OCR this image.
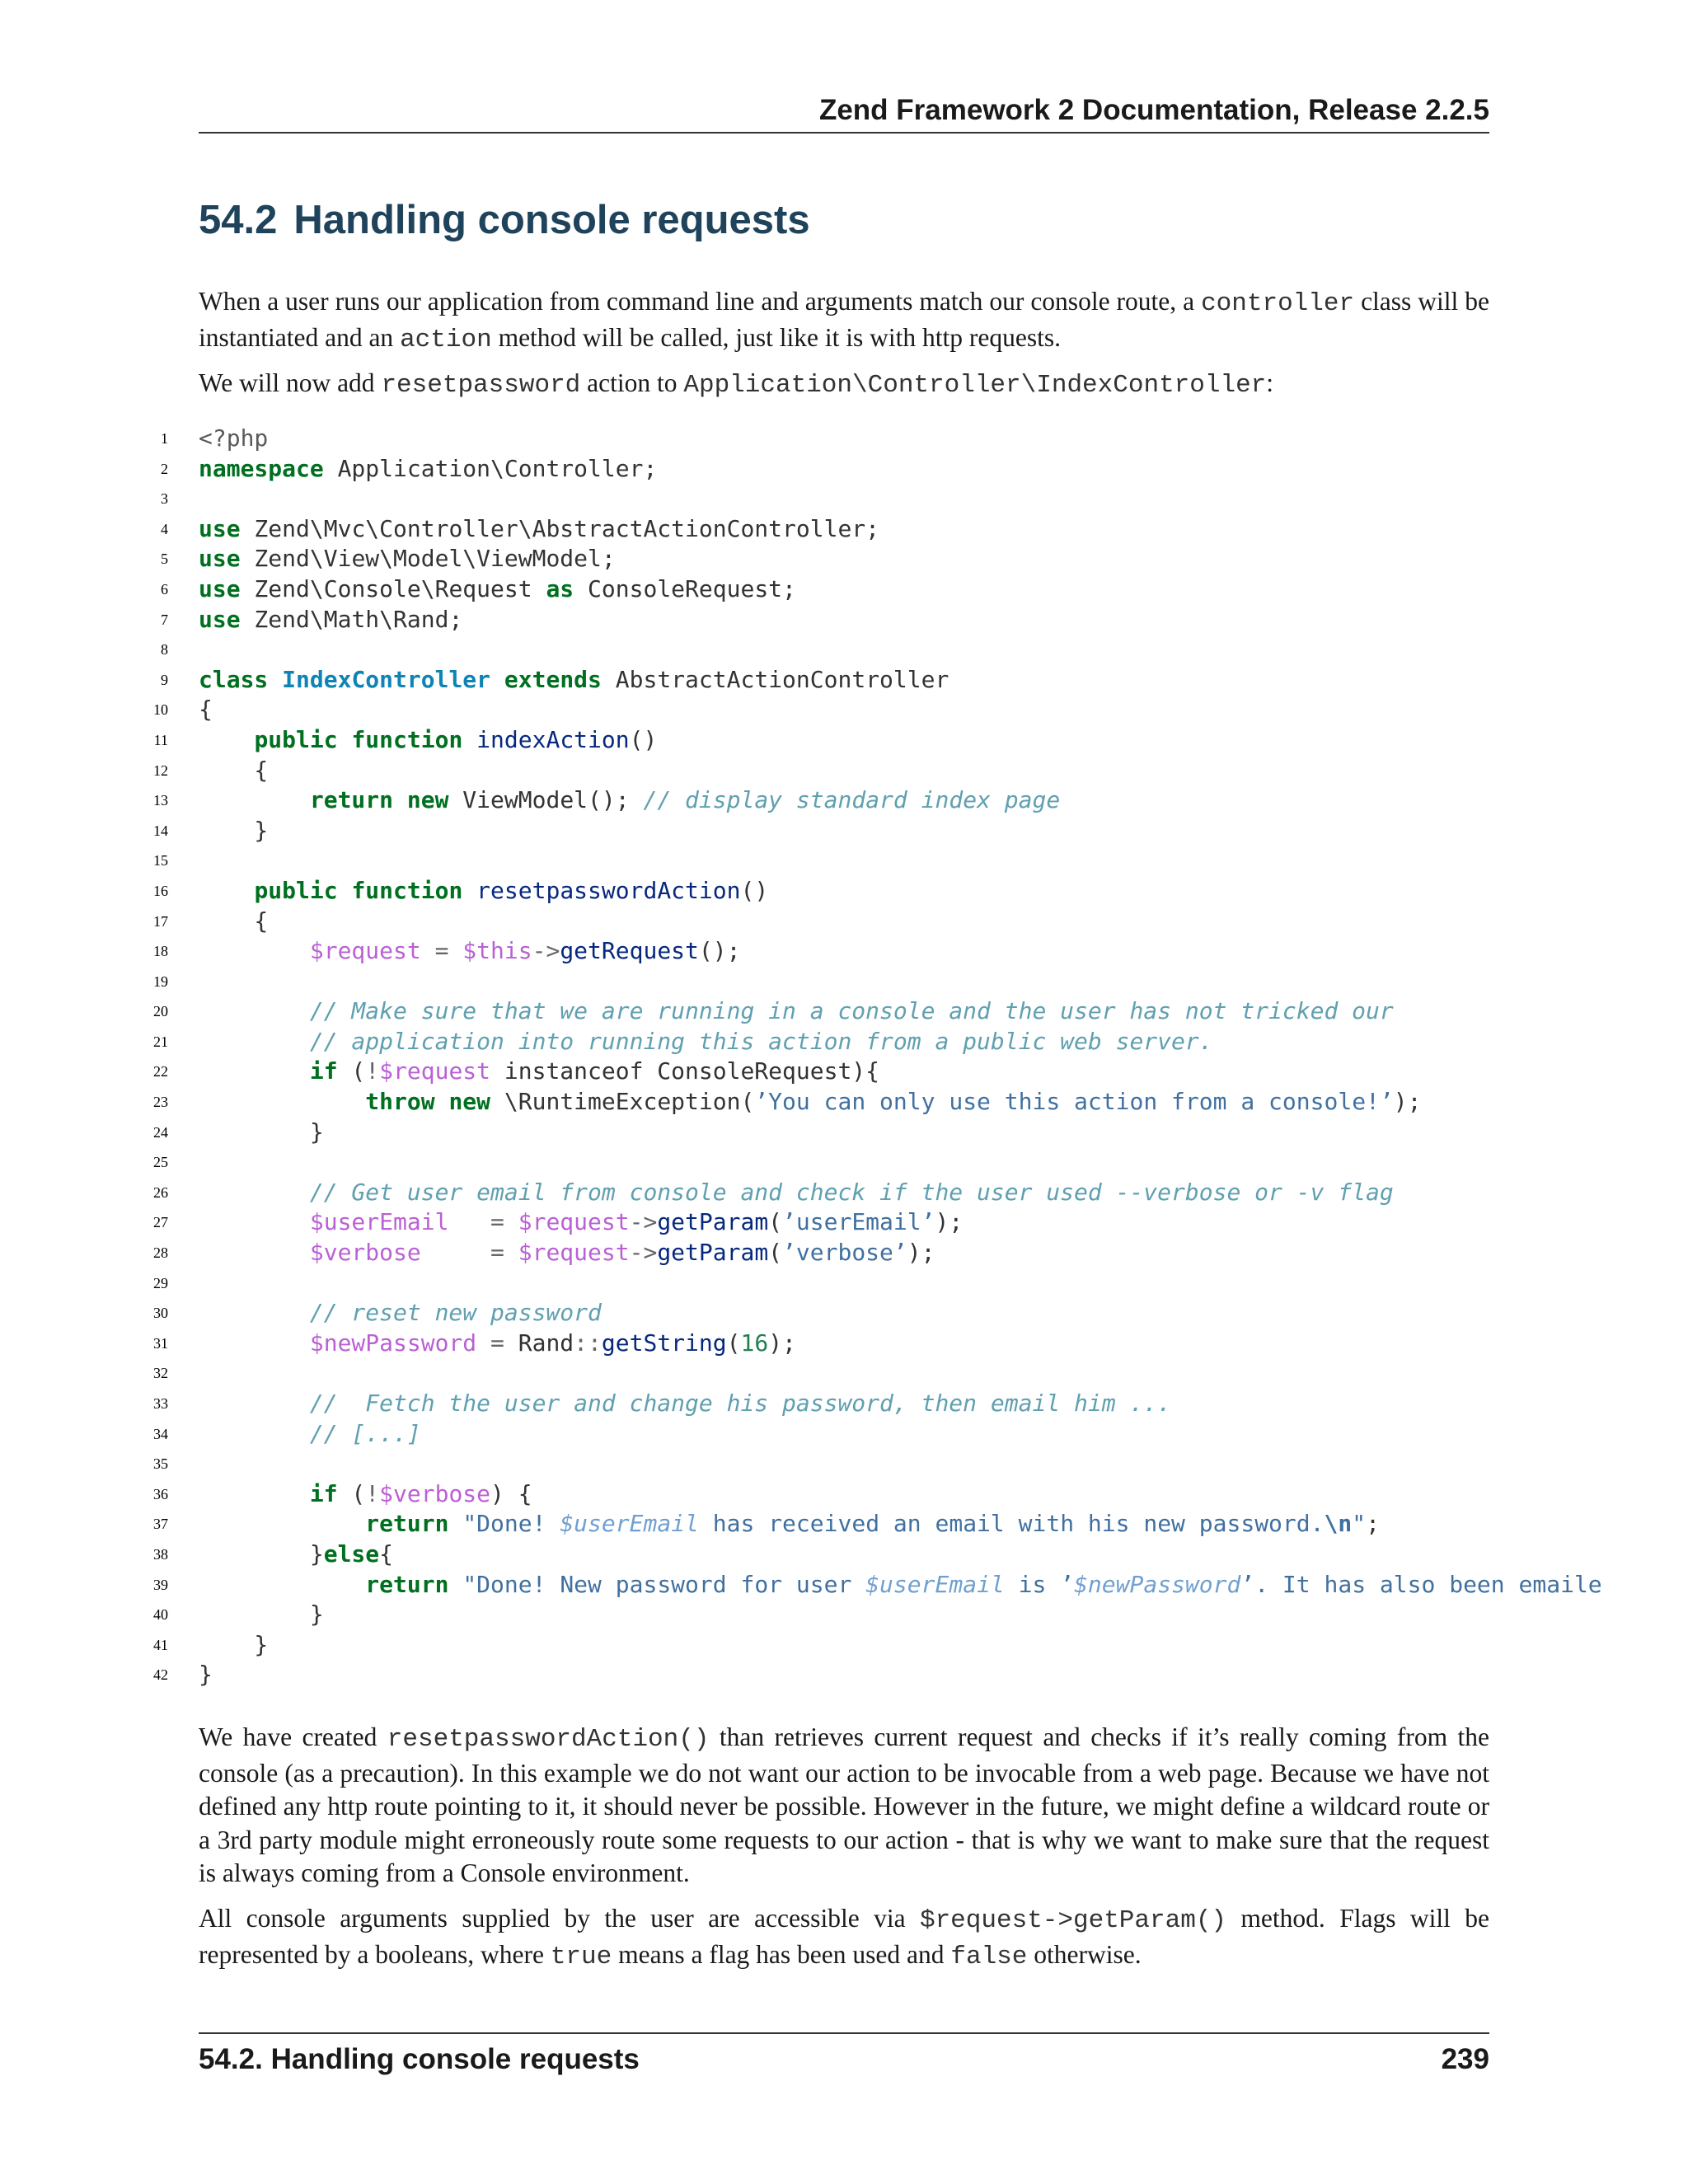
Zend Framework 2 Documentation, Release 2.2.5
54.2 Handling console requests

When a user runs our application from command line and arguments match our console route, a controller class will be instantiated and an action method will be called, just like it is with http requests.

We will now add resetpassword action to Application\Controller\IndexController:

1 <?php
2 namespace Application\Controller;
3
4 use Zend\Mvc\Controller\AbstractActionController;
5 use Zend\View\Model\ViewModel;
6 use Zend\Console\Request as ConsoleRequest;
7 use Zend\Math\Rand;
8
9 class IndexController extends AbstractActionController
10 {
11	public function indexAction()
12 {
13	return new ViewModel(); // display standard index page
14 }
15
16	public function resetpasswordAction()
17 {
18	$request = $this->getRequest();
19
20	// Make sure that we are running in a console and the user has not tricked our
21	// application into running this action from a public web server.
22	if (!$request instanceof ConsoleRequest){
23	throw new \RuntimeException(’You can only use this action from a console!’);
24 }
25
26	// Get user email from console and check if the user used --verbose or -v flag
27	$userEmail = $request->getParam(’userEmail’);
28	$verbose	= $request->getParam(’verbose’);
29
30	// reset new password
31	$newPassword = Rand::getString(16);
32
33	//  Fetch the user and change his password, then email him ...
34	// [...]
35
36	if (!$verbose) {
37	return "Done! $userEmail has received an email with his new password.\n";
38 }else{
39	return "Done! New password for user $userEmail is ’$newPassword’. It has also been emaile
40 }
41 }
42 }

We have created resetpasswordAction() than retrieves current request and checks if it’s really coming from the console (as a precaution). In this example we do not want our action to be invocable from a web page. Because we have not defined any http route pointing to it, it should never be possible. However in the future, we might define a wildcard route or a 3rd party module might erroneously route some requests to our action - that is why we want to make sure that the request is always coming from a Console environment.

All console arguments supplied by the user are accessible via $request->getParam() method. Flags will be represented by a booleans, where true means a flag has been used and false otherwise.

54.2. Handling console requests	239
